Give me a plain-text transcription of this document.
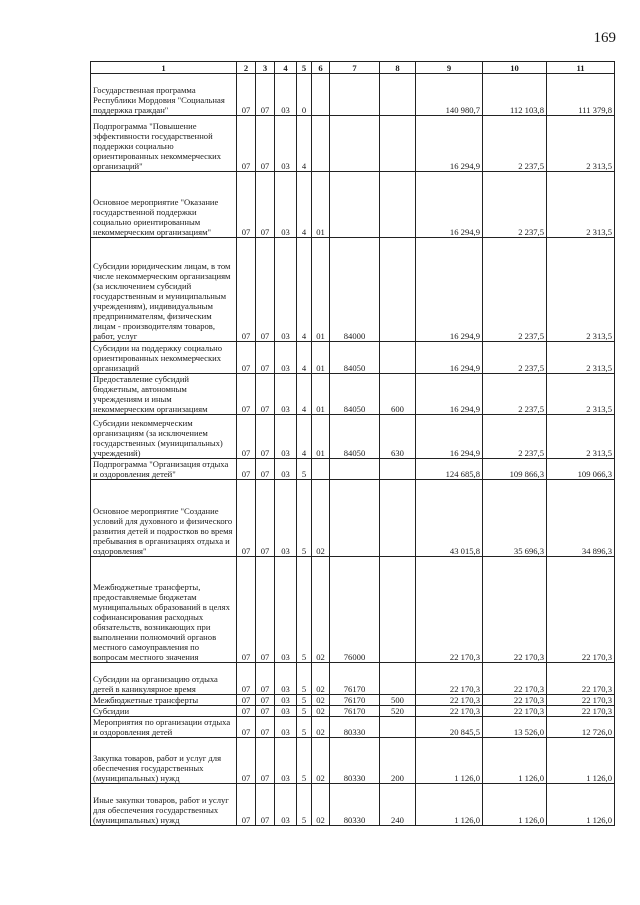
169
1	2	3	4	5	6	7	8	9	10	11
Государственная программа Республики Мордовия "Социальная поддержка граждан"	07	07	03	0				140 980,7	112 103,8	111 379,8
Подпрограмма "Повышение эффективности государственной поддержки социально ориентированных некоммерческих организаций"	07	07	03	4				16 294,9	2 237,5	2 313,5
Основное мероприятие "Оказание государственной поддержки социально ориентированным некоммерческим организациям"	07	07	03	4	01			16 294,9	2 237,5	2 313,5
Субсидии юридическим лицам, в том числе некоммерческим организациям (за исключением субсидий государственным и муниципальным учреждениям), индивидуальным предпринимателям, физическим лицам - производителям товаров, работ, услуг	07	07	03	4	01	84000		16 294,9	2 237,5	2 313,5
Субсидии на поддержку социально ориентированных некоммерческих организаций	07	07	03	4	01	84050		16 294,9	2 237,5	2 313,5
Предоставление субсидий бюджетным, автономным учреждениям и иным некоммерческим организациям	07	07	03	4	01	84050	600	16 294,9	2 237,5	2 313,5
Субсидии некоммерческим организациям (за исключением государственных (муниципальных) учреждений)	07	07	03	4	01	84050	630	16 294,9	2 237,5	2 313,5
Подпрограмма "Организация отдыха и оздоровления детей"	07	07	03	5				124 685,8	109 866,3	109 066,3
Основное мероприятие "Создание условий для духовного и физического развития детей и подростков во время пребывания в организациях отдыха и оздоровления"	07	07	03	5	02			43 015,8	35 696,3	34 896,3
Межбюджетные трансферты, предоставляемые бюджетам муниципальных образований в целях софинансирования расходных обязательств, возникающих при выполнении полномочий органов местного самоуправления по вопросам местного значения	07	07	03	5	02	76000		22 170,3	22 170,3	22 170,3
Субсидии на организацию отдыха детей в каникулярное время	07	07	03	5	02	76170		22 170,3	22 170,3	22 170,3
Межбюджетные трансферты	07	07	03	5	02	76170	500	22 170,3	22 170,3	22 170,3
Субсидии	07	07	03	5	02	76170	520	22 170,3	22 170,3	22 170,3
Мероприятия по организации отдыха и оздоровления детей	07	07	03	5	02	80330		20 845,5	13 526,0	12 726,0
Закупка товаров, работ и услуг для обеспечения государственных (муниципальных) нужд	07	07	03	5	02	80330	200	1 126,0	1 126,0	1 126,0
Иные закупки товаров, работ и услуг для обеспечения государственных (муниципальных) нужд	07	07	03	5	02	80330	240	1 126,0	1 126,0	1 126,0
